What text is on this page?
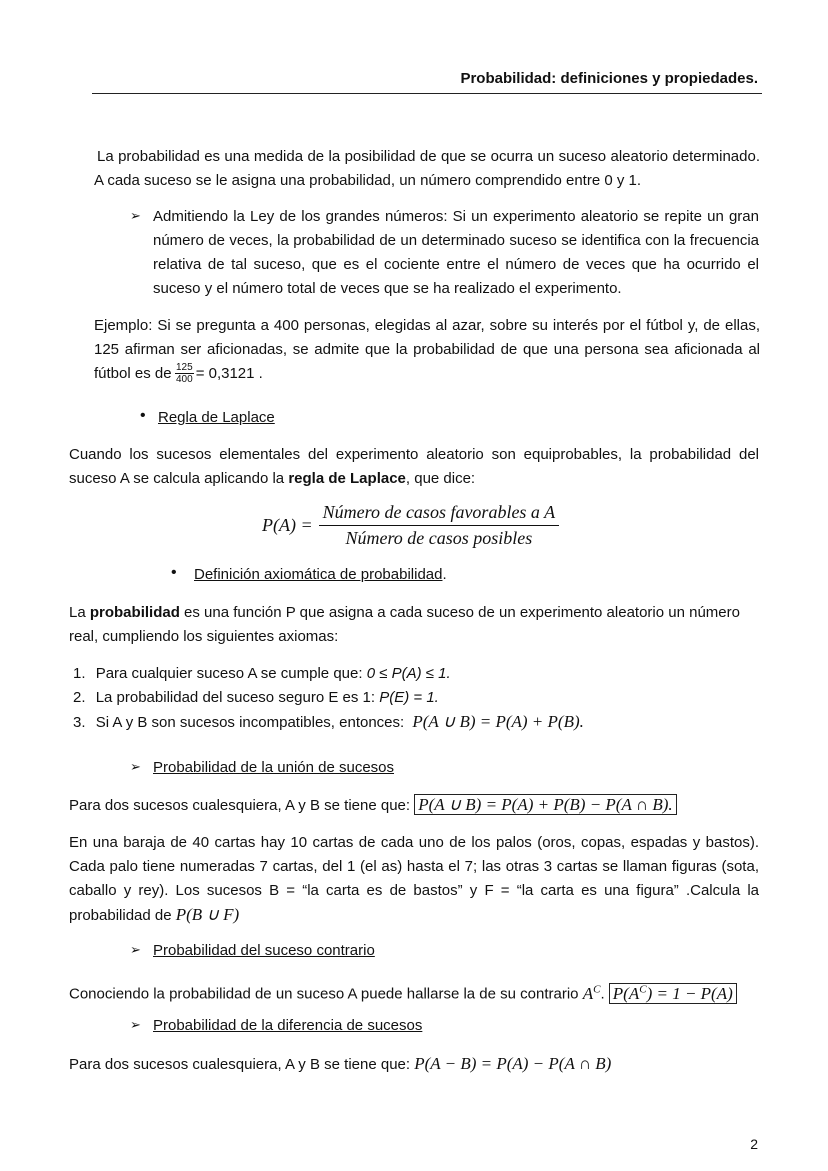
Probabilidad: definiciones y propiedades.
La probabilidad es una medida de la posibilidad de que se ocurra un suceso aleatorio determinado. A cada suceso se le asigna una probabilidad, un número comprendido entre 0 y 1.
➢ Admitiendo la Ley de los grandes números: Si un experimento aleatorio se repite un gran número de veces, la probabilidad de un determinado suceso se identifica con la frecuencia relativa de tal suceso, que es el cociente entre el número de veces que ha ocurrido el suceso y el número total de veces que se ha realizado el experimento.
Ejemplo: Si se pregunta a 400 personas, elegidas al azar, sobre su interés por el fútbol y, de ellas, 125 afirman ser aficionadas, se admite que la probabilidad de que una persona sea aficionada al fútbol es de $\frac{125}{400} = 0,3121$ .
• Regla de Laplace
Cuando los sucesos elementales del experimento aleatorio son equiprobables, la probabilidad del suceso A se calcula aplicando la regla de Laplace, que dice:
P(A) =
Número de casos favorables a A
Número de casos posibles
• Definición axiomática de probabilidad.
La probabilidad es una función P que asigna a cada suceso de un experimento aleatorio un número real, cumpliendo los siguientes axiomas:
1. Para cualquier suceso A se cumple que: 0 ≤ P(A) ≤ 1.
2. La probabilidad del suceso seguro E es 1: P(E) = 1.
3. Si A y B son sucesos incompatibles, entonces: P(A ∪ B) = P(A) + P(B).
➢ Probabilidad de la unión de sucesos
Para dos sucesos cualesquiera, A y B se tiene que: P(A ∪ B) = P(A) + P(B) − P(A ∩ B).
En una baraja de 40 cartas hay 10 cartas de cada uno de los palos (oros, copas, espadas y bastos). Cada palo tiene numeradas 7 cartas, del 1 (el as) hasta el 7; las otras 3 cartas se llaman figuras (sota, caballo y rey). Los sucesos B = “la carta es de bastos” y F = “la carta es una figura” .Calcula la probabilidad de P(B ∪ F)
➢ Probabilidad del suceso contrario
Conociendo la probabilidad de un suceso A puede hallarse la de su contrario $A^C$. $P(A^C) = 1 - P(A)$
➢ Probabilidad de la diferencia de sucesos
Para dos sucesos cualesquiera, A y B se tiene que: P(A − B) = P(A) − P(A ∩ B)
2
